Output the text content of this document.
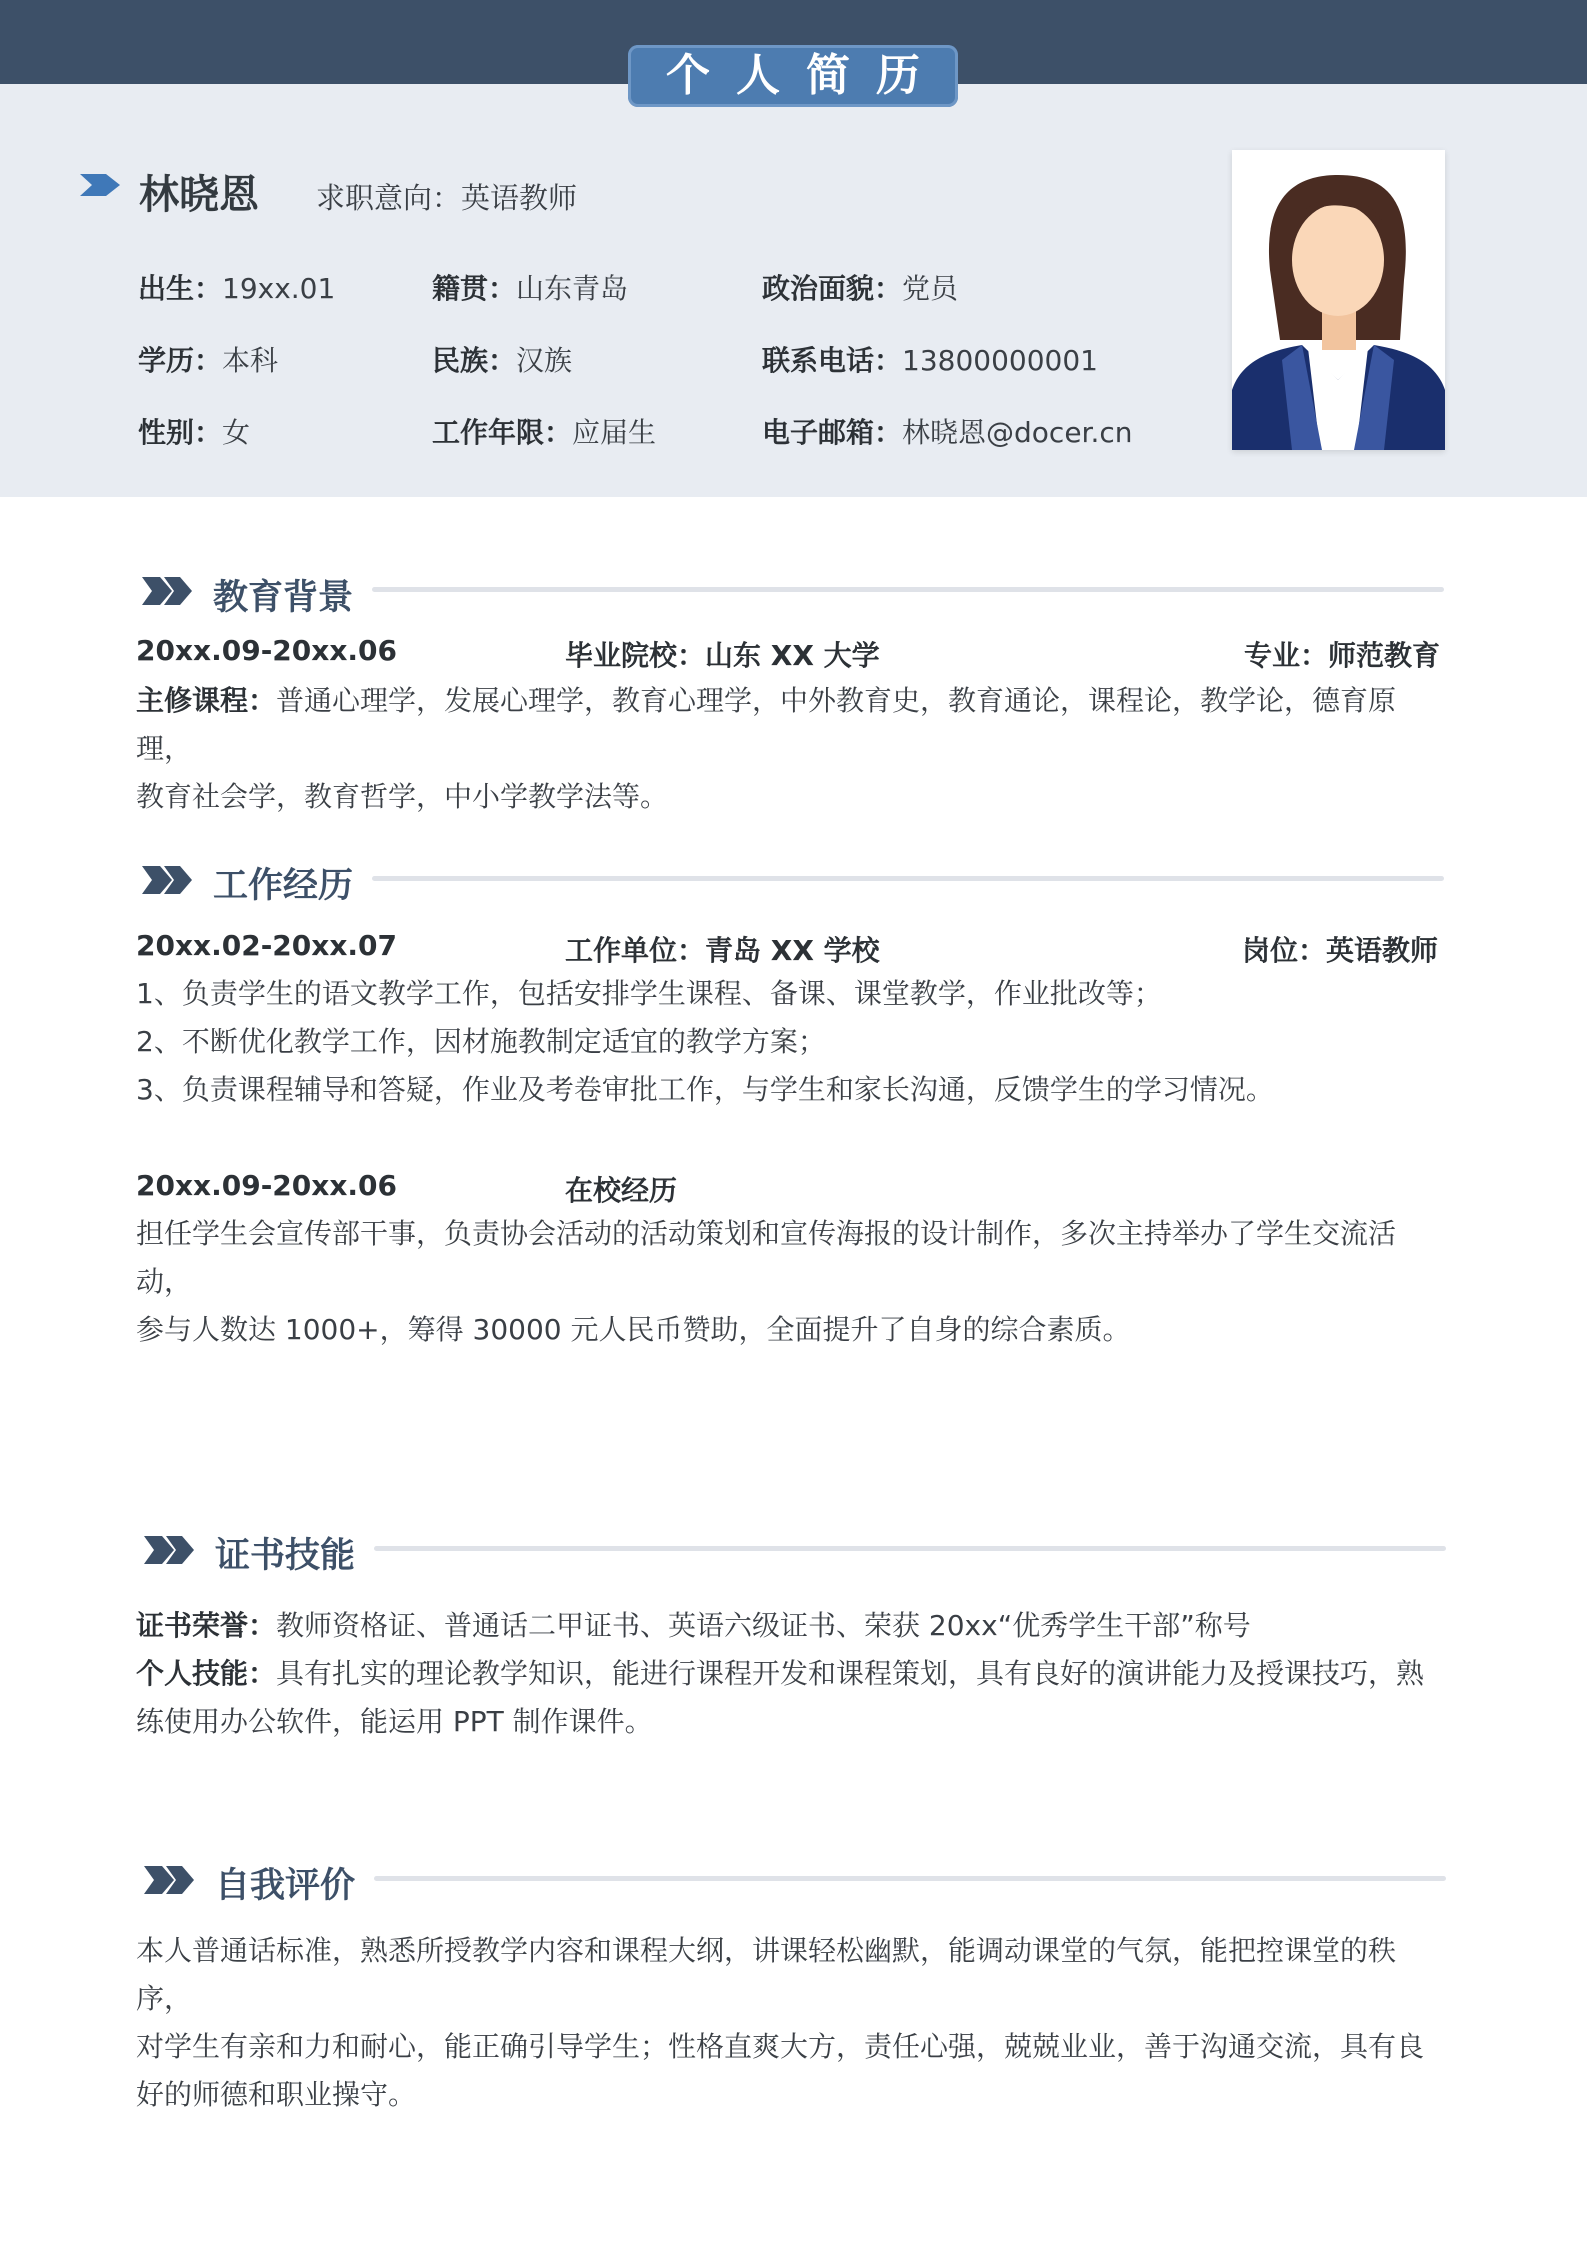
个人简历
林晓恩 求职意向：英语教师
出生：19xx.01	籍贯：山东青岛	政治面貌：党员
学历：本科	民族：汉族	联系电话：13800000001
性别：女	工作年限：应届生	电子邮箱：林晓恩@docer.cn
教育背景
20xx.09-20xx.06	毕业院校：山东 XX 大学	专业：师范教育
主修课程：普通心理学，发展心理学，教育心理学，中外教育史，教育通论，课程论，教学论，德育原理，
教育社会学，教育哲学，中小学教学法等。
工作经历
20xx.02-20xx.07	工作单位：青岛 XX 学校	岗位：英语教师
1、负责学生的语文教学工作，包括安排学生课程、备课、课堂教学，作业批改等；
2、不断优化教学工作，因材施教制定适宜的教学方案；
3、负责课程辅导和答疑，作业及考卷审批工作，与学生和家长沟通，反馈学生的学习情况。
20xx.09-20xx.06	在校经历
担任学生会宣传部干事，负责协会活动的活动策划和宣传海报的设计制作，多次主持举办了学生交流活动，
参与人数达 1000+，筹得 30000 元人民币赞助，全面提升了自身的综合素质。
证书技能
证书荣誉：教师资格证、普通话二甲证书、英语六级证书、荣获 20xx“优秀学生干部”称号
个人技能：具有扎实的理论教学知识，能进行课程开发和课程策划，具有良好的演讲能力及授课技巧，熟
练使用办公软件，能运用 PPT 制作课件。
自我评价
本人普通话标准，熟悉所授教学内容和课程大纲，讲课轻松幽默，能调动课堂的气氛，能把控课堂的秩序，
对学生有亲和力和耐心，能正确引导学生；性格直爽大方，责任心强，兢兢业业，善于沟通交流，具有良
好的师德和职业操守。
